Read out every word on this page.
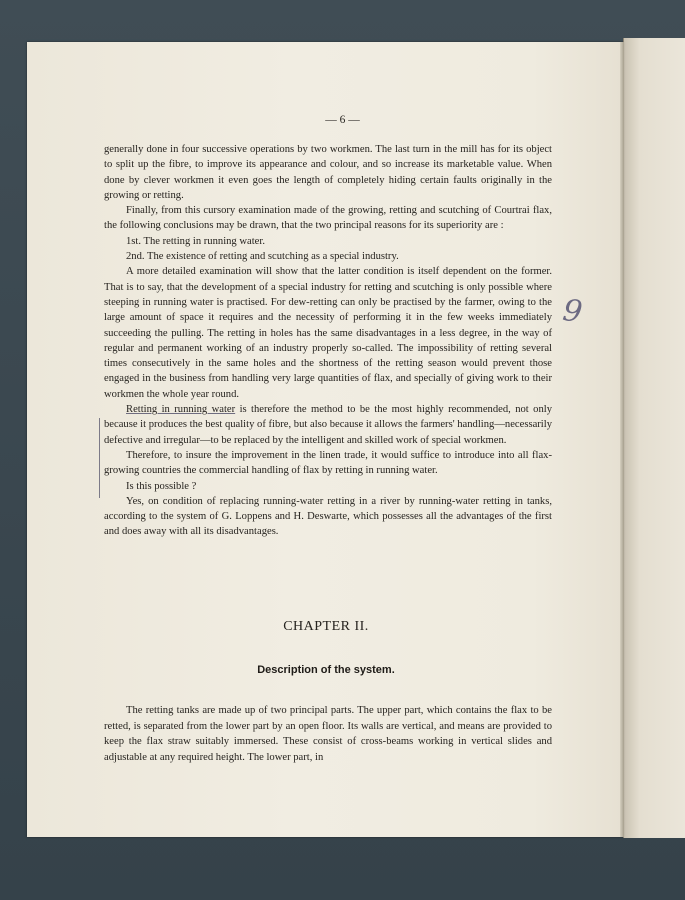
— 6 —

generally done in four successive operations by two workmen. The last turn in the mill has for its object to split up the fibre, to improve its appearance and colour, and so increase its marketable value. When done by clever workmen it even goes the length of completely hiding certain faults originally in the growing or retting.

Finally, from this cursory examination made of the growing, retting and scutching of Courtrai flax, the following conclusions may be drawn, that the two principal reasons for its superiority are :

1st. The retting in running water.

2nd. The existence of retting and scutching as a special industry.

A more detailed examination will show that the latter condition is itself dependent on the former. That is to say, that the development of a special industry for retting and scutching is only possible where steeping in running water is practised. For dew-retting can only be practised by the farmer, owing to the large amount of space it requires and the necessity of performing it in the few weeks immediately succeeding the pulling. The retting in holes has the same disadvantages in a less degree, in the way of regular and permanent working of an industry properly so-called. The impossibility of retting several times consecutively in the same holes and the shortness of the retting season would prevent those engaged in the business from handling very large quantities of flax, and specially of giving work to their workmen the whole year round.

Retting in running water is therefore the method to be the most highly recommended, not only because it produces the best quality of fibre, but also because it allows the farmers' handling—necessarily defective and irregular—to be replaced by the intelligent and skilled work of special workmen.

Therefore, to insure the improvement in the linen trade, it would suffice to introduce into all flax-growing countries the commercial handling of flax by retting in running water.

Is this possible ?

Yes, on condition of replacing running-water retting in a river by running-water retting in tanks, according to the system of G. Loppens and H. Deswarte, which possesses all the advantages of the first and does away with all its disadvantages.

9
CHAPTER II.
Description of the system.

The retting tanks are made up of two principal parts. The upper part, which contains the flax to be retted, is separated from the lower part by an open floor. Its walls are vertical, and means are provided to keep the flax straw suitably immersed. These consist of cross-beams working in vertical slides and adjustable at any required height. The lower part, in
